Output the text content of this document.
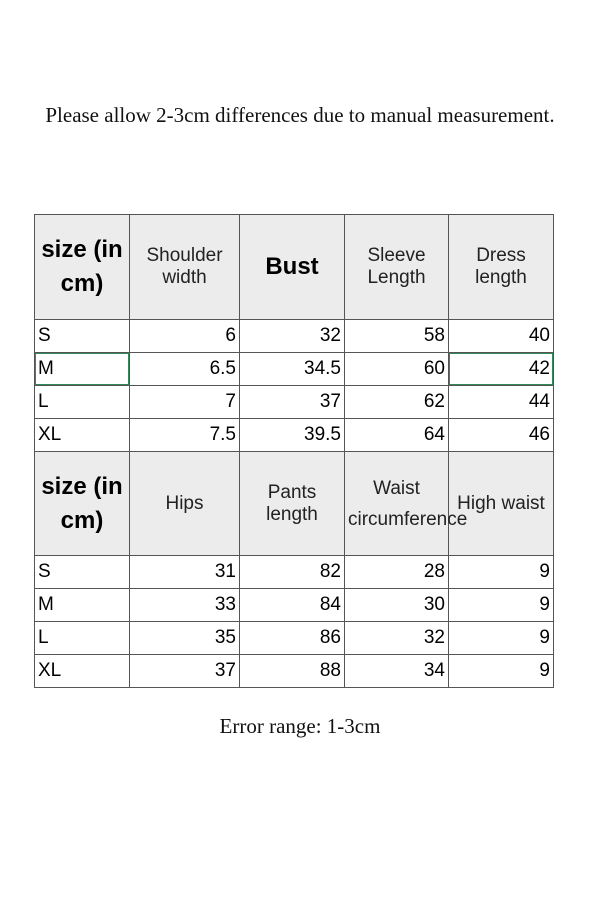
Please allow 2-3cm differences due to manual measurement.
size (in cm)	Shoulder width	Bust	Sleeve Length	Dress length
S	6	32	58	40
M	6.5	34.5	60	42
L	7	37	62	44
XL	7.5	39.5	64	46
size (in cm)	Hips	Pants length	Waist circumference	High waist
S	31	82	28	9
M	33	84	30	9
L	35	86	32	9
XL	37	88	34	9
Error range: 1-3cm
